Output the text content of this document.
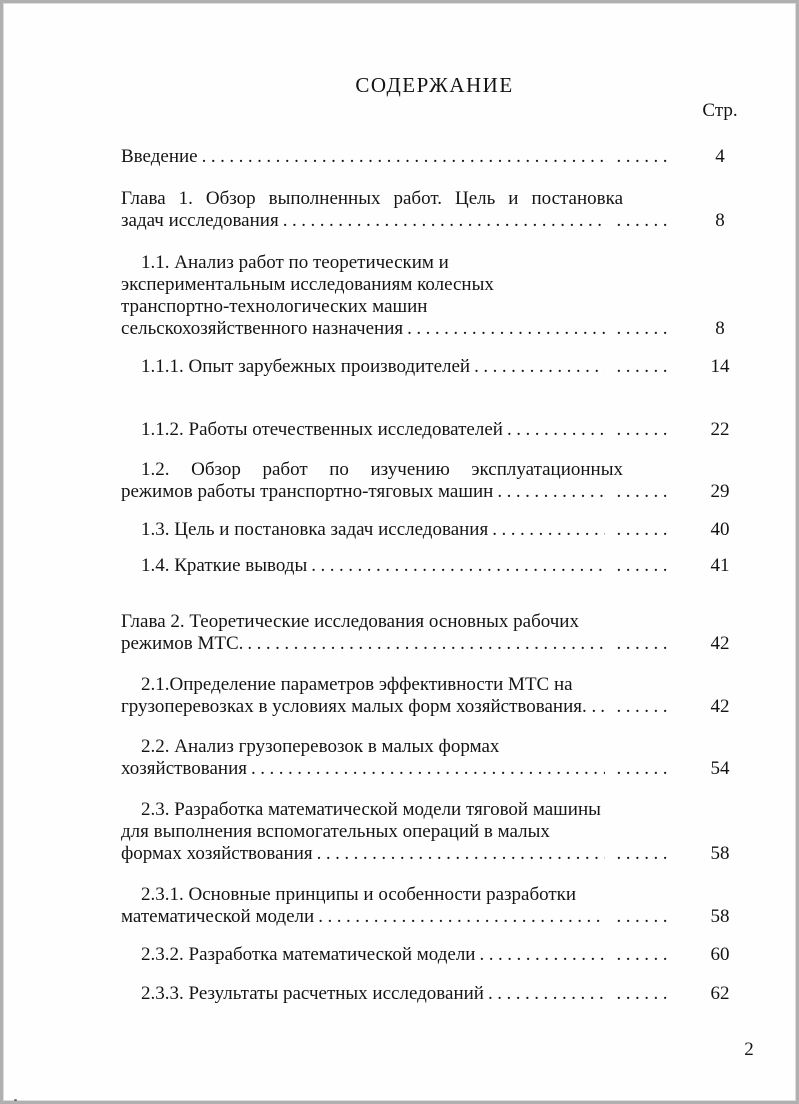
СОДЕРЖАНИЕ
Стр.
Введение ..... ......	4
Глава 1. Обзор выполненных работ. Цель и постановка
задач исследования ..... ......	8
1.1. Анализ работ по теоретическим и
экспериментальным исследованиям колесных
транспортно-технологических машин
сельскохозяйственного назначения ..... ......	8
1.1.1. Опыт зарубежных производителей ..... ......	14
1.1.2. Работы отечественных исследователей ..... ......	22
1.2. Обзор работ по изучению эксплуатационных
режимов работы транспортно-тяговых машин ..... ......	29
1.3. Цель и постановка задач исследования ..... ......	40
1.4. Краткие выводы ..... ......	41
Глава 2. Теоретические исследования основных рабочих
режимов МТС. ..... ......	42
2.1.Определение параметров эффективности МТС на
грузоперевозках в условиях малых форм хозяйствования. . ..... ......	42
2.2. Анализ грузоперевозок в малых формах
хозяйствования ..... ......	54
2.3. Разработка математической модели тяговой машины
для выполнения вспомогательных операций в малых
формах хозяйствования ..... ......	58
2.3.1. Основные принципы и особенности разработки
математической модели ..... ......	58
2.3.2. Разработка математической модели ..... ......	60
2.3.3. Результаты расчетных исследований ..... ......	62
2
